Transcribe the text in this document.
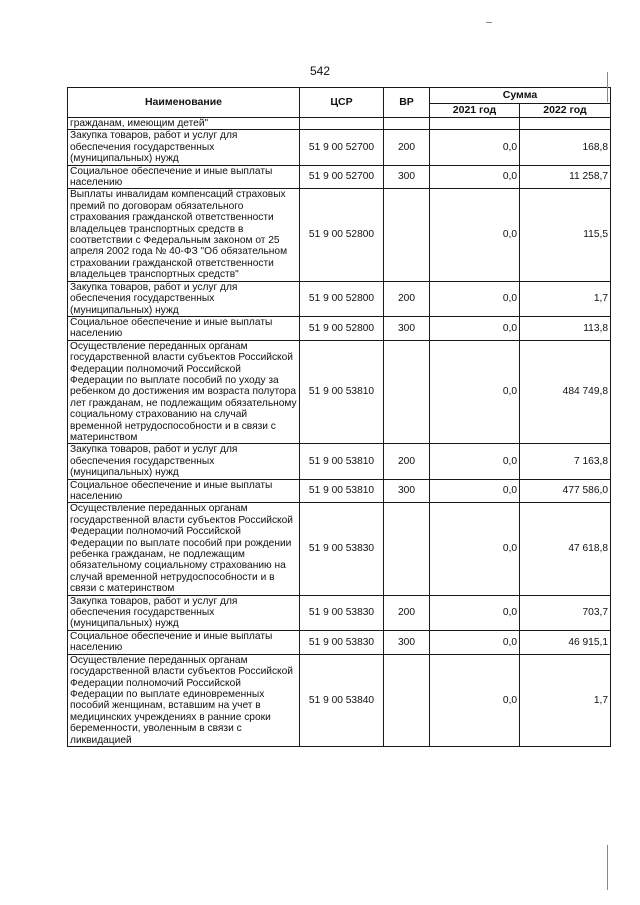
542
Наименование	ЦСР	ВР	Сумма	
			2021 год	2022 год
гражданам, имеющим детей"				
Закупка товаров, работ и услуг для обеспечения государственных (муниципальных) нужд	51 9 00 52700	200	0,0	168,8
Социальное обеспечение и иные выплаты населению	51 9 00 52700	300	0,0	11 258,7
Выплаты инвалидам компенсаций страховых премий по договорам обязательного страхования гражданской ответственности владельцев транспортных средств в соответствии с Федеральным законом от 25 апреля 2002 года № 40-ФЗ "Об обязательном страховании гражданской ответственности владельцев транспортных средств"	51 9 00 52800		0,0	115,5
Закупка товаров, работ и услуг для обеспечения государственных (муниципальных) нужд	51 9 00 52800	200	0,0	1,7
Социальное обеспечение и иные выплаты населению	51 9 00 52800	300	0,0	113,8
Осуществление переданных органам государственной власти субъектов Российской Федерации полномочий Российской Федерации по выплате пособий по уходу за ребенком до достижения им возраста полутора лет гражданам, не подлежащим обязательному социальному страхованию на случай временной нетрудоспособности и в связи с материнством	51 9 00 53810		0,0	484 749,8
Закупка товаров, работ и услуг для обеспечения государственных (муниципальных) нужд	51 9 00 53810	200	0,0	7 163,8
Социальное обеспечение и иные выплаты населению	51 9 00 53810	300	0,0	477 586,0
Осуществление переданных органам государственной власти субъектов Российской Федерации полномочий Российской Федерации по выплате пособий при рождении ребенка гражданам, не подлежащим обязательному социальному страхованию на случай временной нетрудоспособности и в связи с материнством	51 9 00 53830		0,0	47 618,8
Закупка товаров, работ и услуг для обеспечения государственных (муниципальных) нужд	51 9 00 53830	200	0,0	703,7
Социальное обеспечение и иные выплаты населению	51 9 00 53830	300	0,0	46 915,1
Осуществление переданных органам государственной власти субъектов Российской Федерации полномочий Российской Федерации по выплате единовременных пособий женщинам, вставшим на учет в медицинских учреждениях в ранние сроки беременности, уволенным в связи с ликвидацией	51 9 00 53840		0,0	1,7
